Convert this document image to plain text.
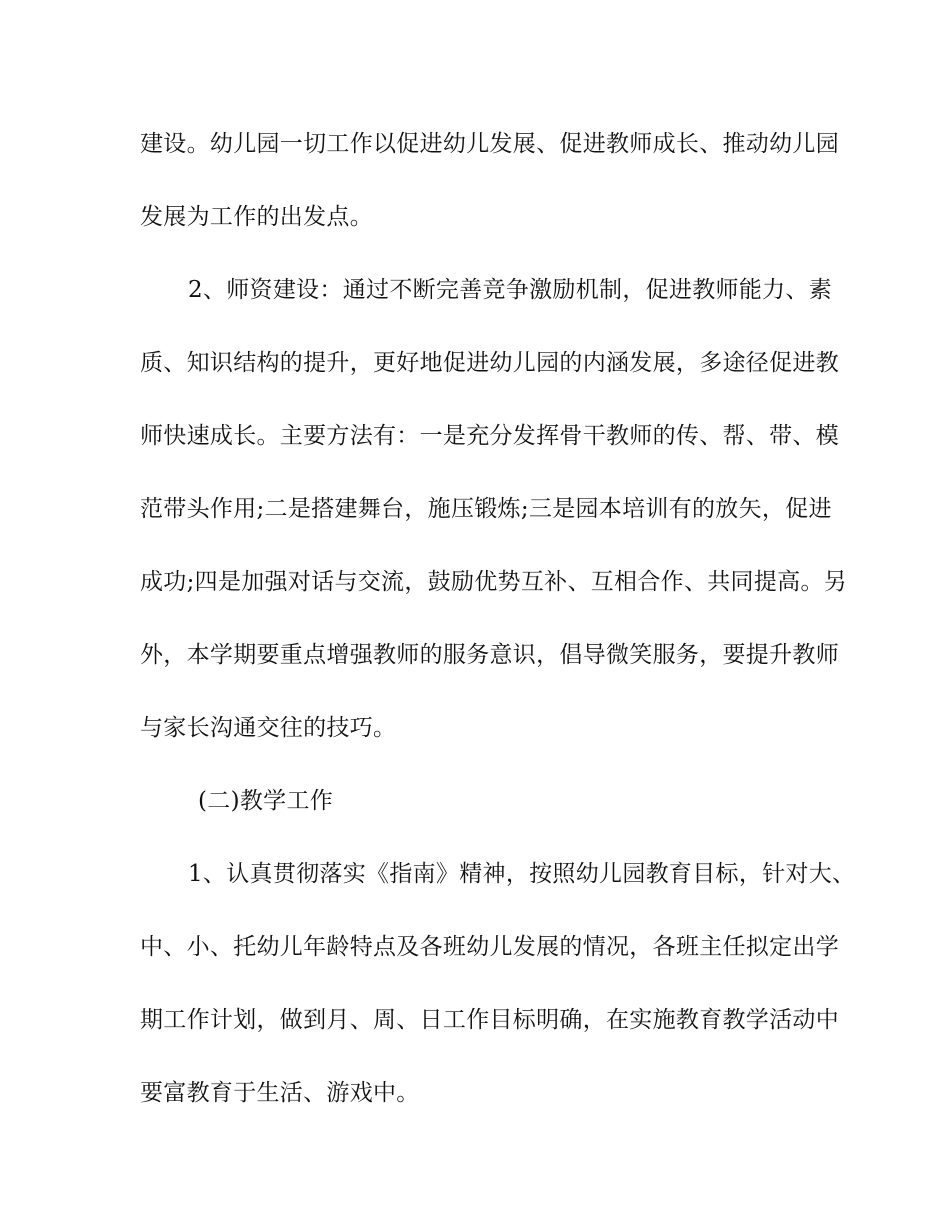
建设。幼儿园一切工作以促进幼儿发展、促进教师成长、推动幼儿园
发展为工作的出发点。
2、师资建设：通过不断完善竞争激励机制，促进教师能力、素
质、知识结构的提升，更好地促进幼儿园的内涵发展，多途径促进教
师快速成长。主要方法有：一是充分发挥骨干教师的传、帮、带、模
范带头作用;二是搭建舞台，施压锻炼;三是园本培训有的放矢，促进
成功;四是加强对话与交流，鼓励优势互补、互相合作、共同提高。另
外，本学期要重点增强教师的服务意识，倡导微笑服务，要提升教师
与家长沟通交往的技巧。
(二)教学工作
1、认真贯彻落实《指南》精神，按照幼儿园教育目标，针对大、
中、小、托幼儿年龄特点及各班幼儿发展的情况，各班主任拟定出学
期工作计划，做到月、周、日工作目标明确，在实施教育教学活动中
要富教育于生活、游戏中。
